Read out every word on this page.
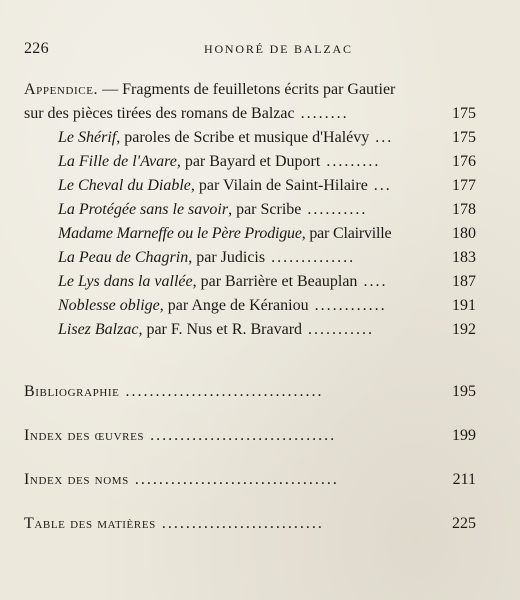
226	HONORÉ DE BALZAC
Appendice. — Fragments de feuilletons écrits par Gautier
sur des pièces tirées des romans de Balzac ........	175
Le Shérif, paroles de Scribe et musique d'Halévy ...	175
La Fille de l'Avare, par Bayard et Duport .........	176
Le Cheval du Diable, par Vilain de Saint-Hilaire ...	177
La Protégée sans le savoir, par Scribe ..........	178
Madame Marneffe ou le Père Prodigue, par Clairville	180
La Peau de Chagrin, par Judicis ..............	183
Le Lys dans la vallée, par Barrière et Beauplan ....	187
Noblesse oblige, par Ange de Kéraniou ............	191
Lisez Balzac, par F. Nus et R. Bravard ...........	192
Bibliographie .................................	195
Index des œuvres ...............................	199
Index des noms ..................................	211
Table des matières ...........................	225
